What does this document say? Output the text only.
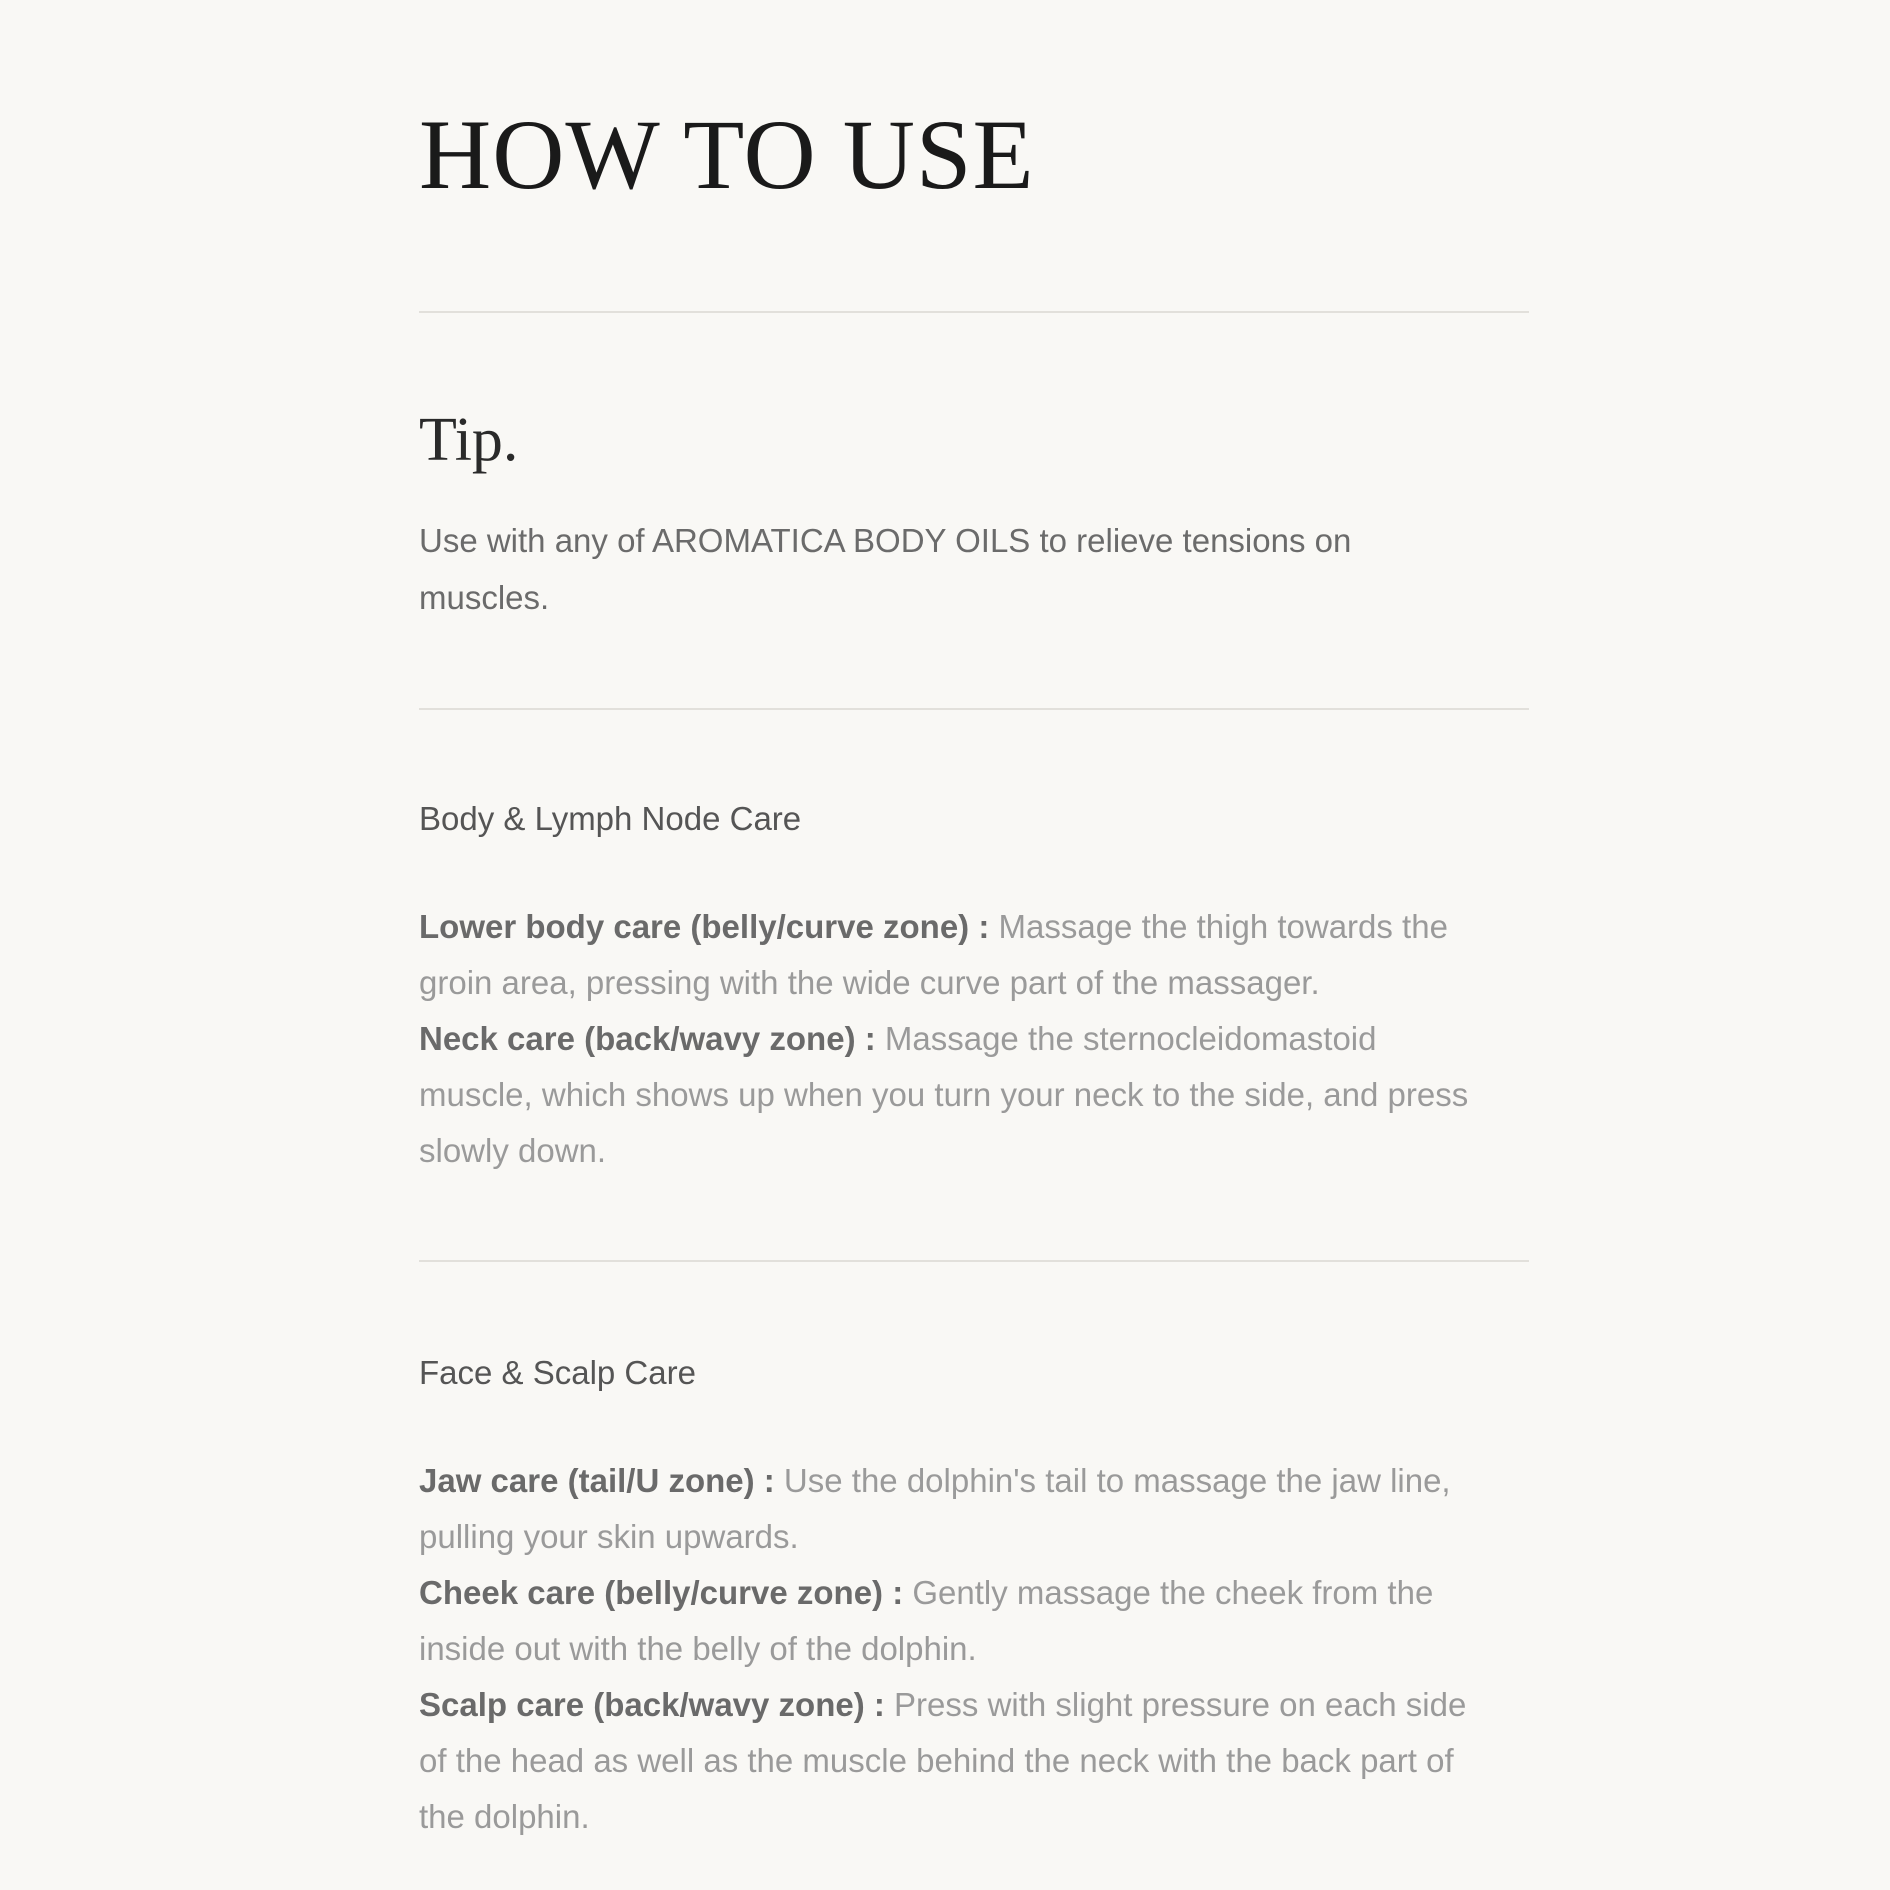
HOW TO USE
Tip.

Use with any of AROMATICA BODY OILS to relieve tensions on muscles.

Body & Lymph Node Care
Lower body care (belly/curve zone) : Massage the thigh towards the groin area, pressing with the wide curve part of the massager.
Neck care (back/wavy zone) : Massage the sternocleidomastoid muscle, which shows up when you turn your neck to the side, and press slowly down.
Face & Scalp Care
Jaw care (tail/U zone) : Use the dolphin's tail to massage the jaw line, pulling your skin upwards.
Cheek care (belly/curve zone) : Gently massage the cheek from the inside out with the belly of the dolphin.
Scalp care (back/wavy zone) : Press with slight pressure on each side of the head as well as the muscle behind the neck with the back part of the dolphin.
